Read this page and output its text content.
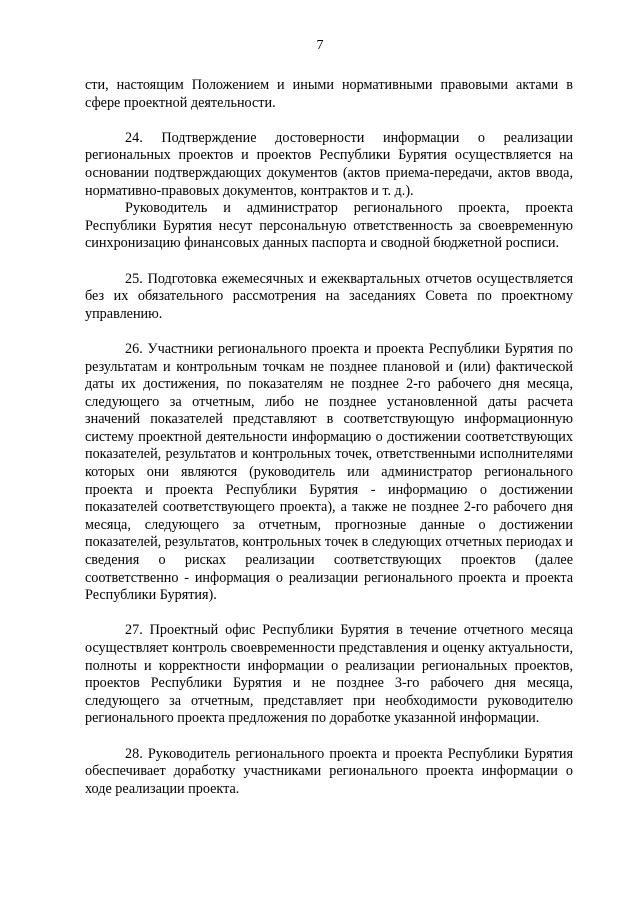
7

сти, настоящим Положением и иными нормативными правовыми актами в сфере проектной деятельности.

24. Подтверждение достоверности информации о реализации региональных проектов и проектов Республики Бурятия осуществляется на основании подтверждающих документов (актов приема-передачи, актов ввода, нормативно-правовых документов, контрактов и т. д.).

Руководитель и администратор регионального проекта, проекта Республики Бурятия несут персональную ответственность за своевременную синхронизацию финансовых данных паспорта и сводной бюджетной росписи.

25. Подготовка ежемесячных и ежеквартальных отчетов осуществляется без их обязательного рассмотрения на заседаниях Совета по проектному управлению.

26. Участники регионального проекта и проекта Республики Бурятия по результатам и контрольным точкам не позднее плановой и (или) фактической даты их достижения, по показателям не позднее 2-го рабочего дня месяца, следующего за отчетным, либо не позднее установленной даты расчета значений показателей представляют в соответствующую информационную систему проектной деятельности информацию о достижении соответствующих показателей, результатов и контрольных точек, ответственными исполнителями которых они являются (руководитель или администратор регионального проекта и проекта Республики Бурятия - информацию о достижении показателей соответствующего проекта), а также не позднее 2-го рабочего дня месяца, следующего за отчетным, прогнозные данные о достижении показателей, результатов, контрольных точек в следующих отчетных периодах и сведения о рисках реализации соответствующих проектов (далее соответственно - информация о реализации регионального проекта и проекта Республики Бурятия).

27. Проектный офис Республики Бурятия в течение отчетного месяца осуществляет контроль своевременности представления и оценку актуальности, полноты и корректности информации о реализации региональных проектов, проектов Республики Бурятия и не позднее 3-го рабочего дня месяца, следующего за отчетным, представляет при необходимости руководителю регионального проекта предложения по доработке указанной информации.

28. Руководитель регионального проекта и проекта Республики Бурятия обеспечивает доработку участниками регионального проекта информации о ходе реализации проекта.
